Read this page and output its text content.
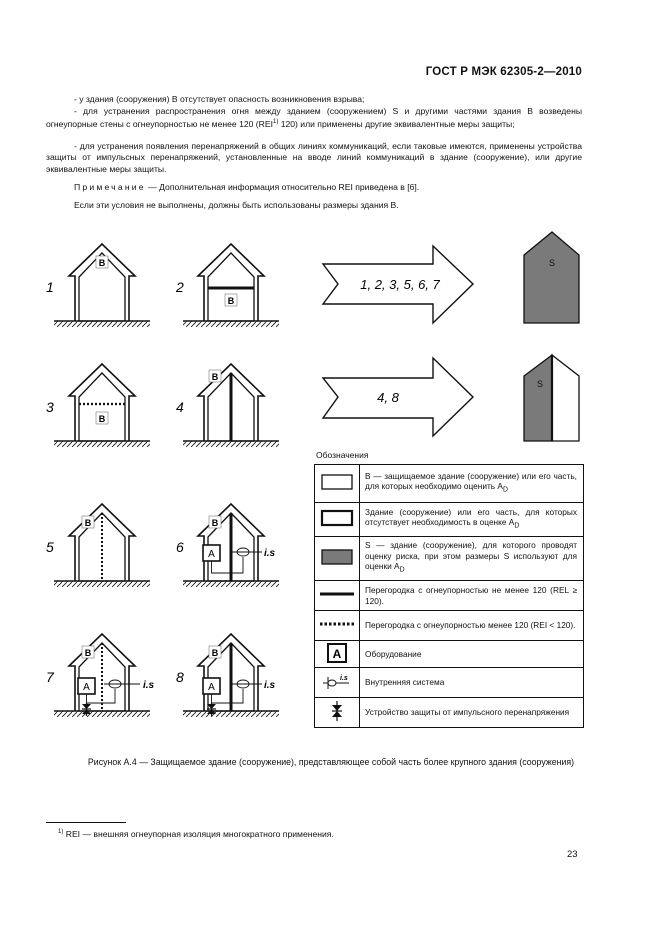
ГОСТ Р МЭК 62305-2—2010
- у здания (сооружения) B отсутствует опасность возникновения взрыва;
- для устранения распространения огня между зданием (сооружением) S и другими частями здания B возведены огнеупорные стены с огнеупорностью не менее 120 (REI$^{1)}$ 120) или применены другие эквивалентные меры защиты;
- для устранения появления перенапряжений в общих линиях коммуникаций, если таковые имеются, применены устройства защиты от импульсных перенапряжений, установленные на вводе линий коммуникаций в здание (сооружение), или другие эквивалентные меры защиты.
Примечание — Дополнительная информация относительно REI приведена в [6].
Если эти условия не выполнены, должны быть использованы размеры здания B.
1
B
2
B
3
B
4
B
5
B
6
B
A	i.s
7
B
A	i.s
8
B
A	i.s
1, 2, 3, 5, 6, 7
4, 8
S
S
Обозначения
	B — защищаемое здание (сооружение) или его часть, для которых необходимо оценить $A_D$
	Здание (сооружение) или его часть, для которых отсутствует необходимость в оценке $A_D$
	S — здание (сооружение), для которого проводят оценку риска, при этом размеры S используют для оценки $A_D$
	Перегородка с огнеупорностью не менее 120 (REL ≥ 120).
	Перегородка с огнеупорностью менее 120 (REI < 120).

A	Оборудование

i.s	Внутренняя система
	Устройство защиты от импульсного перенапряжения
Рисунок A.4 — Защищаемое здание (сооружение), представляющее собой часть более крупного здания (сооружения)
$^{1)}$ REI — внешняя огнеупорная изоляция многократного применения.
23
